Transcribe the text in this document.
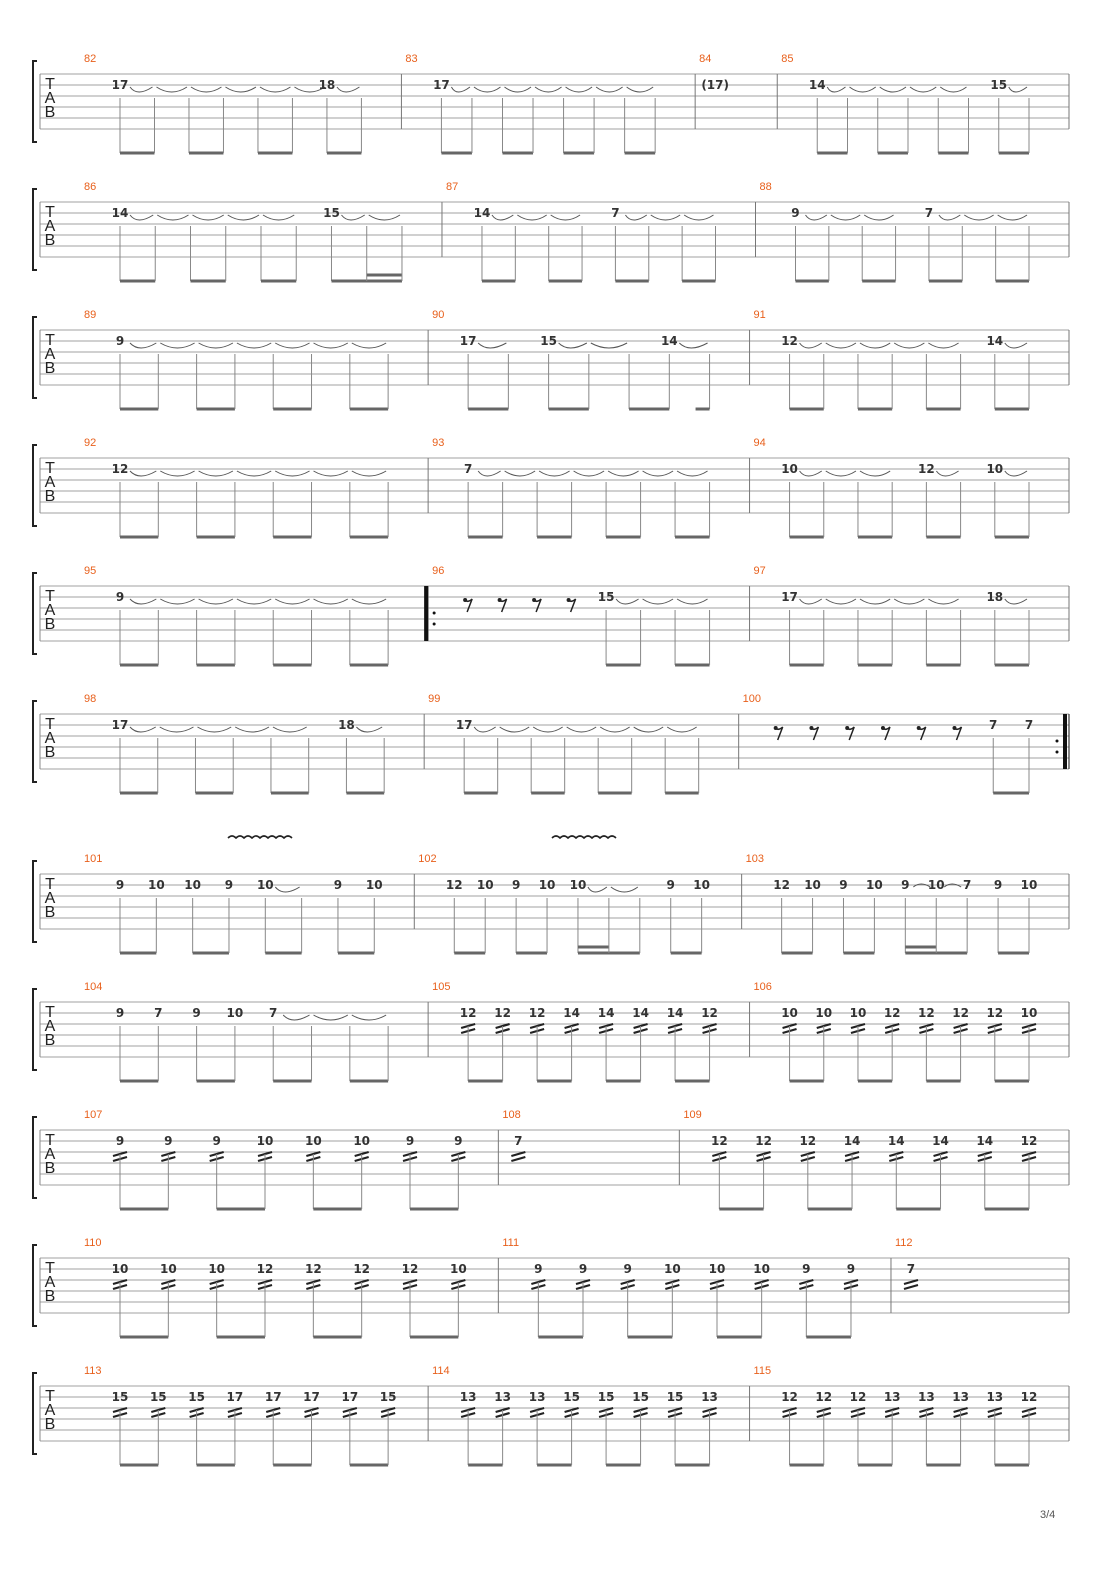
T
A
B
82
17	18
83
17
84
(17)
85
14	15
T
A
B
86
14	15
87
14	7
88
9	7
T
A
B
89
9
90
17	15	14
91
12	14
T
A
B
92
12
93
7
94
10	12	10
T
A
B
95
9
96
15
97
17	18
T
A
B
98
17	18
99
17
100
7 7
T
A
B
101
9 10 10 9 10	9 10
102
12 10 9 10 10	9 10
103
12 10 9 10 9 10 7 9 10
T
A
B
104
9 7 9 10 7
105
12 12 12 14 14 14 14 12
106
10 10 10 12 12 12 12 10
T
A
B
107
9	9	9	10	10	10	9	9
108
7
109
12 12 12 14 14 14 14 12
T
A
B
110
10	10	10	12	12	12	12	10
111
9	9	9	10 10 10	9	9
112
7
T
A
B
113
15 15 15 17 17 17 17 15
114
13 13 13 15 15 15 15 13
115
12 12 12 13 13 13 13 12
3/4
